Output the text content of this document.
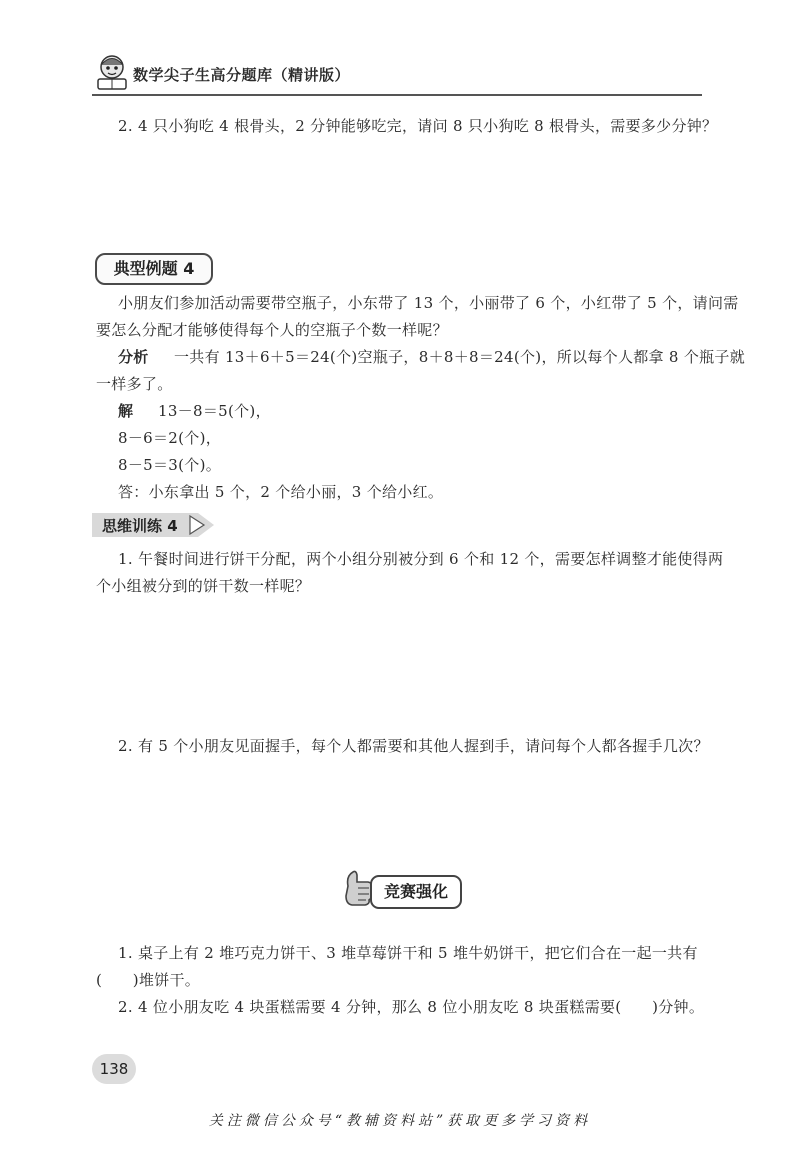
数学尖子生高分题库（精讲版）
2. 4 只小狗吃 4 根骨头，2 分钟能够吃完，请问 8 只小狗吃 8 根骨头，需要多少分钟？
典型例题 4
小朋友们参加活动需要带空瓶子，小东带了 13 个，小丽带了 6 个，小红带了 5 个，请问需
要怎么分配才能够使得每个人的空瓶子个数一样呢？
分析 一共有 13＋6＋5＝24(个)空瓶子，8＋8＋8＝24(个)，所以每个人都拿 8 个瓶子就
一样多了。
解 13－8＝5(个)，
8－6＝2(个)，
8－5＝3(个)。
答：小东拿出 5 个，2 个给小丽，3 个给小红。
思维训练 4
1. 午餐时间进行饼干分配，两个小组分别被分到 6 个和 12 个，需要怎样调整才能使得两
个小组被分到的饼干数一样呢？
2. 有 5 个小朋友见面握手，每个人都需要和其他人握到手，请问每个人都各握手几次？
竞赛强化
1. 桌子上有 2 堆巧克力饼干、3 堆草莓饼干和 5 堆牛奶饼干，把它们合在一起一共有
(　　)堆饼干。
2. 4 位小朋友吃 4 块蛋糕需要 4 分钟，那么 8 位小朋友吃 8 块蛋糕需要(　　)分钟。
138
关注微信公众号“教辅资料站”获取更多学习资料
